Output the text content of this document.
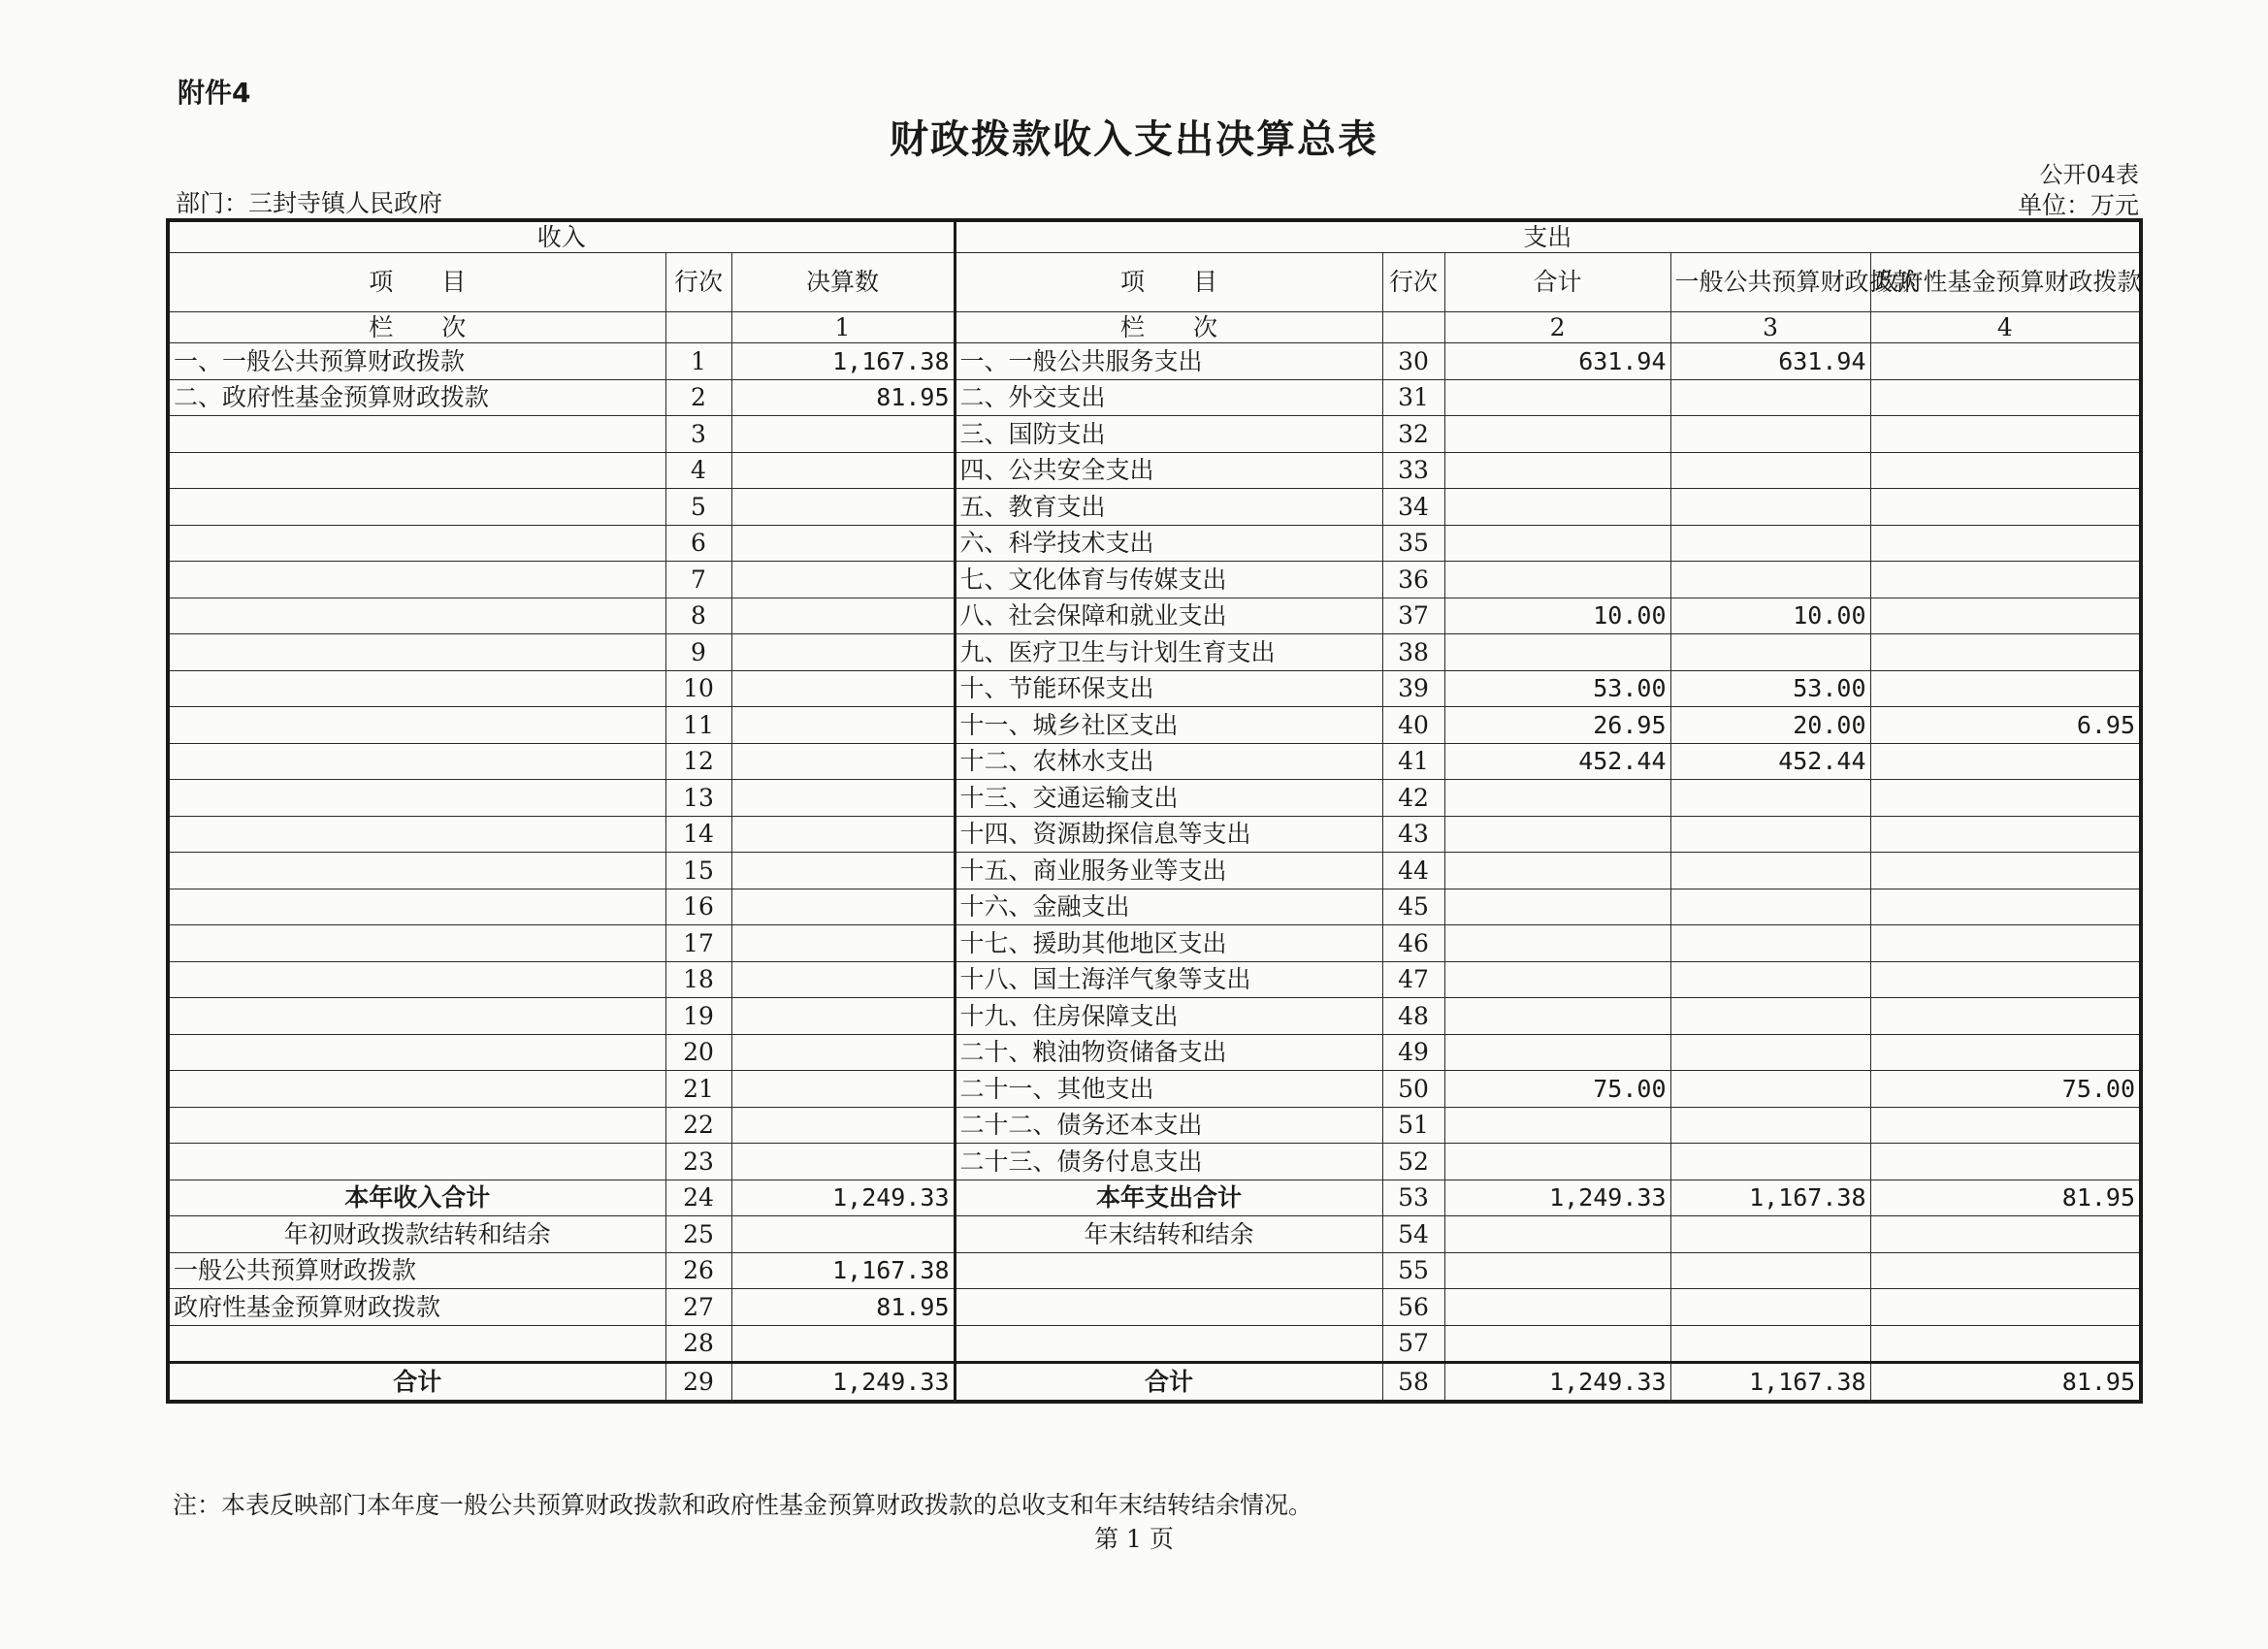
附件4
财政拨款收入支出决算总表
公开04表
部门：三封寺镇人民政府	单位：万元
收入			支出				
项　　目	行次	决算数	项　　目	行次	合计	一般公共预算财政拨款	政府性基金预算财政拨款
栏　　次		1	栏　　次		2	3	4
一、一般公共预算财政拨款	1	1,167.38	一、一般公共服务支出	30	631.94	631.94	
二、政府性基金预算财政拨款	2	81.95	二、外交支出	31			
	3		三、国防支出	32			
	4		四、公共安全支出	33			
	5		五、教育支出	34			
	6		六、科学技术支出	35			
	7		七、文化体育与传媒支出	36			
	8		八、社会保障和就业支出	37	10.00	10.00	
	9		九、医疗卫生与计划生育支出	38			
	10		十、节能环保支出	39	53.00	53.00	
	11		十一、城乡社区支出	40	26.95	20.00	6.95
	12		十二、农林水支出	41	452.44	452.44	
	13		十三、交通运输支出	42			
	14		十四、资源勘探信息等支出	43			
	15		十五、商业服务业等支出	44			
	16		十六、金融支出	45			
	17		十七、援助其他地区支出	46			
	18		十八、国土海洋气象等支出	47			
	19		十九、住房保障支出	48			
	20		二十、粮油物资储备支出	49			
	21		二十一、其他支出	50	75.00		75.00
	22		二十二、债务还本支出	51			
	23		二十三、债务付息支出	52			
本年收入合计	24	1,249.33	本年支出合计	53	1,249.33	1,167.38	81.95
年初财政拨款结转和结余	25		年末结转和结余	54			
一般公共预算财政拨款	26	1,167.38		55			
政府性基金预算财政拨款	27	81.95		56			
	28			57			
合计	29	1,249.33	合计	58	1,249.33	1,167.38	81.95
注：本表反映部门本年度一般公共预算财政拨款和政府性基金预算财政拨款的总收支和年末结转结余情况。
第 1 页
